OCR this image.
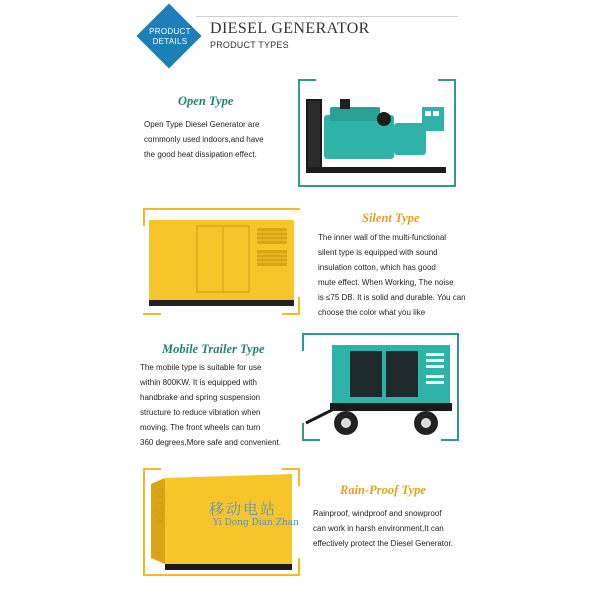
PRODUCT
DETAILS
DIESEL GENERATOR
PRODUCT TYPES
Open Type
Open Type Diesel Generator are
commonly used indoors,and have
the good heat dissipation effect.
Silent Type
The inner wall of the multi-functional
silent type is equipped with sound
insulation cotton, which has good
mute effect. When Working, The noise
is ≤75 DB. It is solid and durable. You can
choose the color what you like
Mobile Trailer Type
The mobile type is suitable for use
within 800KW. It is equipped with
handbrake and spring suspension
structure to reduce vibration when
moving. The front wheels can turn
360 degrees,More safe and convenient.
移动电站
Yi Dong Dian Zhan
Rain-Proof Type
Rainproof, windproof and snowproof
can work in harsh environment,It can
effectively protect the Diesel Generator.
